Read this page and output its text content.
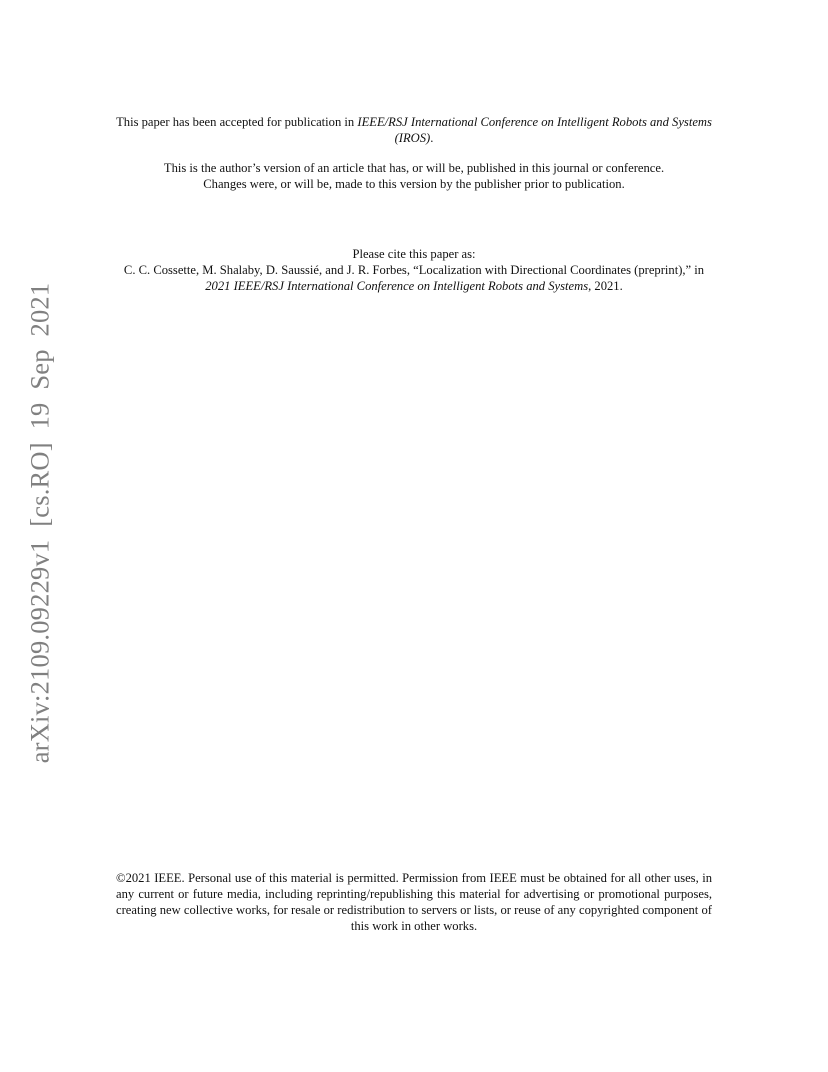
This paper has been accepted for publication in IEEE/RSJ International Conference on Intelligent Robots and Systems (IROS).

This is the author’s version of an article that has, or will be, published in this journal or conference.

Changes were, or will be, made to this version by the publisher prior to publication.

Please cite this paper as:

C. C. Cossette, M. Shalaby, D. Saussié, and J. R. Forbes, “Localization with Directional Coordinates (preprint),” in 2021 IEEE/RSJ International Conference on Intelligent Robots and Systems, 2021.

©2021 IEEE. Personal use of this material is permitted. Permission from IEEE must be obtained for all other uses, in any current or future media, including reprinting/republishing this material for advertising or promotional purposes, creating new collective works, for resale or redistribution to servers or lists, or reuse of any copyrighted component of this work in other works.

arXiv:2109.09229v1 [cs.RO] 19 Sep 2021
